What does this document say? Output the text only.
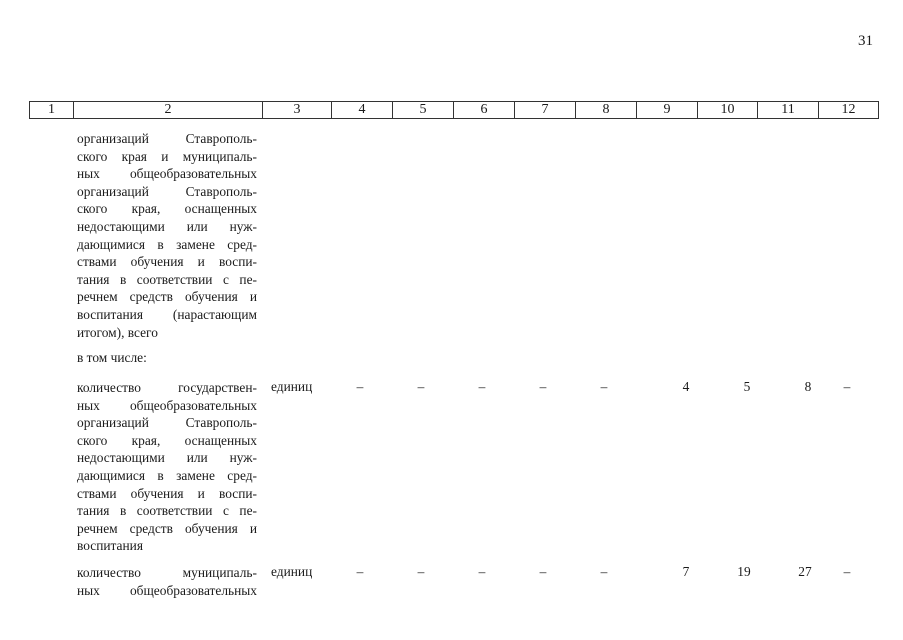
31
1	2	3	4	5	6	7	8	9	10	11	12
организаций Ставрополь-
ского края и муниципаль-
ных общеобразовательных
организаций Ставрополь-
ского края, оснащенных
недостающими или нуж-
дающимися в замене сред-
ствами обучения и воспи-
тания в соответствии с пе-
речнем средств обучения и
воспитания (нарастающим
итогом), всего
в том числе:
количество государствен-
ных общеобразовательных
организаций Ставрополь-
ского края, оснащенных
недостающими или нуж-
дающимися в замене сред-
ствами обучения и воспи-
тания в соответствии с пе-
речнем средств обучения и
воспитания
единиц	–	–	–	–	–	4	5	8	–
количество муниципаль-
ных общеобразовательных
единиц	–	–	–	–	–	7	19	27	–
